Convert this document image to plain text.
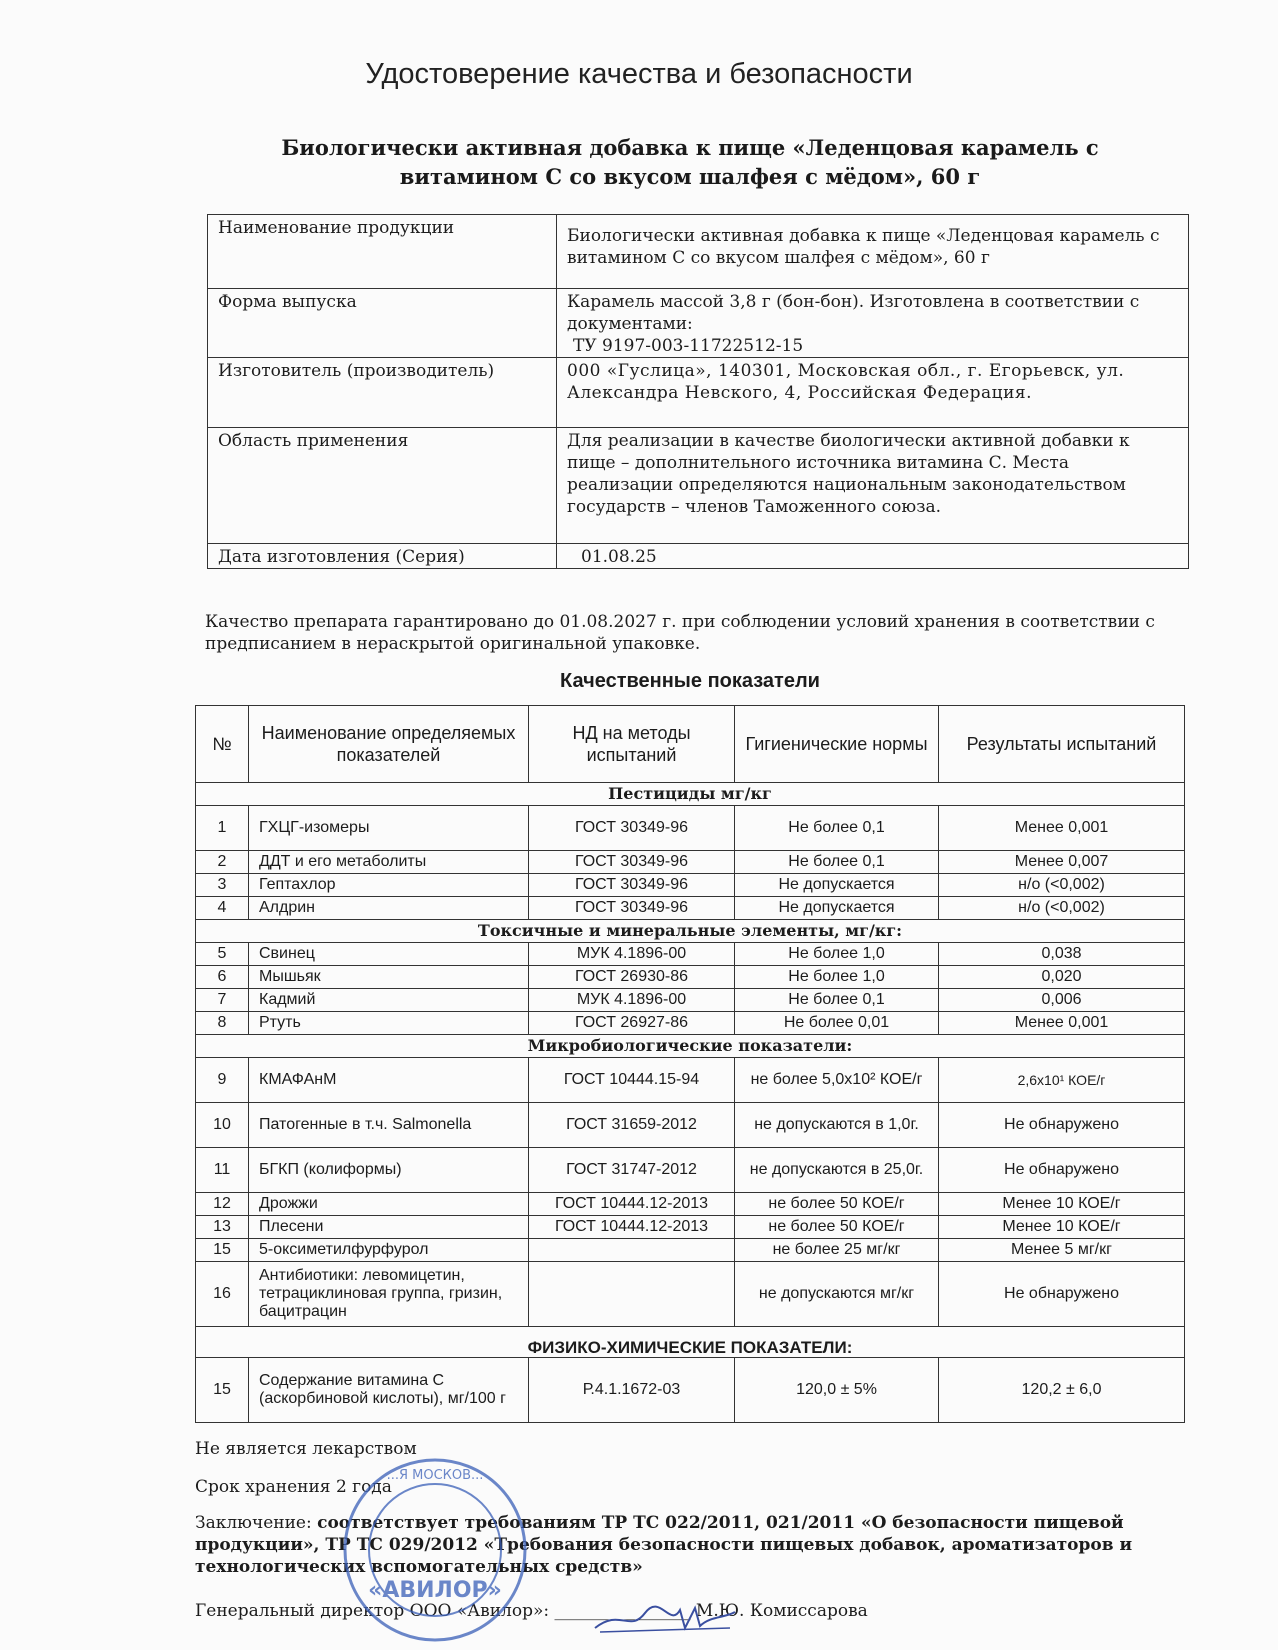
Удостоверение качества и безопасности
Биологически активная добавка к пище «Леденцовая карамель с
витамином С со вкусом шалфея с мёдом», 60 г
Наименование продукции	Биологически активная добавка к пище «Леденцовая карамель с
витамином С со вкусом шалфея с мёдом», 60 г

Форма выпуска	Карамель массой 3,8 г (бон-бон). Изготовлена в соответствии с документами:
ТУ 9197-003-11722512-15

Изготовитель (производитель)	000 «Гуслица», 140301, Московская обл., г. Егорьевск, ул. Александра Невского, 4, Российская Федерация.
Область применения	Для реализации в качестве биологически активной добавки к пище – дополнительного источника витамина С. Места реализации определяются национальным законодательством государств – членов Таможенного союза.
Дата изготовления (Серия)	01.08.25
Качество препарата гарантировано до 01.08.2027 г. при соблюдении условий хранения в соответствии с предписанием в нераскрытой оригинальной упаковке.
Качественные показатели
№	Наименование определяемых показателей	НД на методы испытаний	Гигиенические нормы	Результаты испытаний
Пестициды мг/кг				
1	ГХЦГ-изомеры	ГОСТ 30349-96	Не более 0,1	Менее 0,001
2	ДДТ и его метаболиты	ГОСТ 30349-96	Не более 0,1	Менее 0,007
3	Гептахлор	ГОСТ 30349-96	Не допускается	н/о (<0,002)
4	Алдрин	ГОСТ 30349-96	Не допускается	н/о (<0,002)
Токсичные и минеральные элементы, мг/кг:				
5	Свинец	МУК 4.1896-00	Не более 1,0	0,038
6	Мышьяк	ГОСТ 26930-86	Не более 1,0	0,020
7	Кадмий	МУК 4.1896-00	Не более 0,1	0,006
8	Ртуть	ГОСТ 26927-86	Не более 0,01	Менее 0,001
Микробиологические показатели:				
9	КМАФАнМ	ГОСТ 10444.15-94	не более 5,0x10² КОЕ/г	2,6x10¹ КОЕ/г
10	Патогенные в т.ч. Salmonella	ГОСТ 31659-2012	не допускаются в 1,0г.	Не обнаружено
11	БГКП (колиформы)	ГОСТ 31747-2012	не допускаются в 25,0г.	Не обнаружено
12	Дрожжи	ГОСТ 10444.12-2013	не более 50 КОЕ/г	Менее 10 КОЕ/г
13	Плесени	ГОСТ 10444.12-2013	не более 50 КОЕ/г	Менее 10 КОЕ/г
15	5-оксиметилфурфурол		не более 25 мг/кг	Менее 5 мг/кг
16	Антибиотики: левомицетин, тетрациклиновая группа, гризин, бацитрацин		не допускаются мг/кг	Не обнаружено
ФИЗИКО-ХИМИЧЕСКИЕ ПОКАЗАТЕЛИ:				
15	Содержание витамина С (аскорбиновой кислоты), мг/100 г	Р.4.1.1672-03	120,0 ± 5%	120,2 ± 6,0
Не является лекарством
Срок хранения 2 года
Заключение: соответствует требованиям ТР ТС 022/2011, 021/2011 «О безопасности пищевой продукции», ТР ТС 029/2012 «Требования безопасности пищевых добавок, ароматизаторов и технологических вспомогательных средств»
Генеральный директор ООО «Авилор»: ________________ М.Ю. Комиссарова
...Я МОСКОВ...
«АВИЛОР»
